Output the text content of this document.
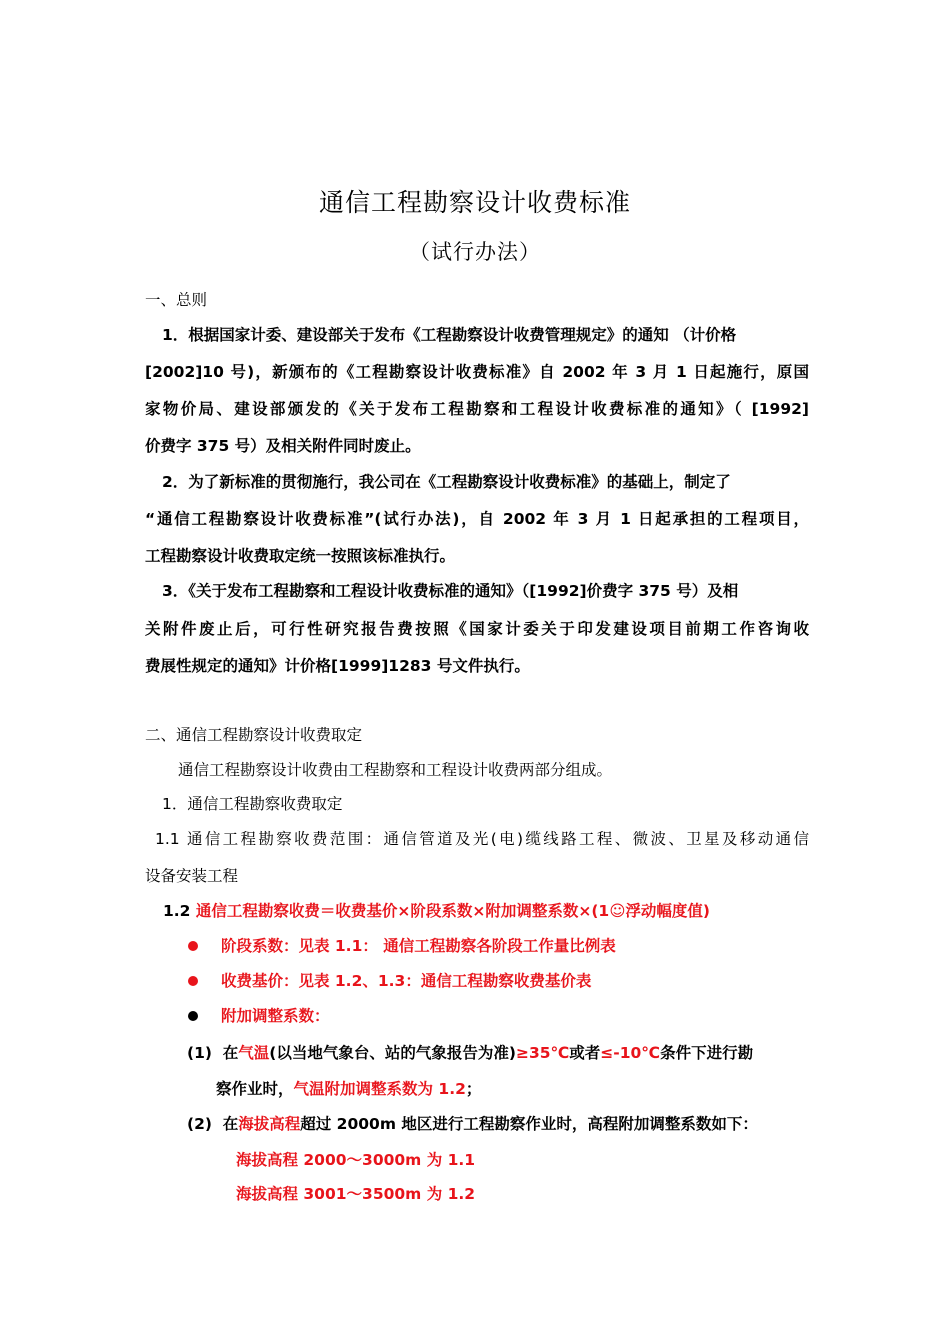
通信工程勘察设计收费标准
（试行办法）
一、总则
1．根据国家计委、建设部关于发布《工程勘察设计收费管理规定》的通知 （计价格
[2002]10 号)，新颁布的《工程勘察设计收费标准》自 2002 年 3 月 1 日起施行，原国
家物价局、建设部颁发的《关于发布工程勘察和工程设计收费标准的通知》（ [1992]
价费字 375 号）及相关附件同时废止。
2．为了新标准的贯彻施行，我公司在《工程勘察设计收费标准》的基础上，制定了
“通信工程勘察设计收费标准”(试行办法)，自 2002 年 3 月 1 日起承担的工程项目，
工程勘察设计收费取定统一按照该标准执行。
3．《关于发布工程勘察和工程设计收费标准的通知》（[1992]价费字 375 号）及相
关附件废止后，可行性研究报告费按照《国家计委关于印发建设项目前期工作咨询收
费展性规定的通知》计价格[1999]1283 号文件执行。
二、通信工程勘察设计收费取定
通信工程勘察设计收费由工程勘察和工程设计收费两部分组成。
1．通信工程勘察收费取定
1.1 通信工程勘察收费范围：通信管道及光(电)缆线路工程、微波、卫星及移动通信
设备安装工程
1.2 通信工程勘察收费＝收费基价×阶段系数×附加调整系数×(1☺浮动幅度值)
阶段系数：见表 1.1： 通信工程勘察各阶段工作量比例表
收费基价：见表 1.2、1.3：通信工程勘察收费基价表
附加调整系数：
(1) 在气温(以当地气象台、站的气象报告为准)≥35℃或者≤-10℃条件下进行勘
察作业时，气温附加调整系数为 1.2；
(2) 在海拔高程超过 2000m 地区进行工程勘察作业时，高程附加调整系数如下：
海拔高程 2000～3000m 为 1.1
海拔高程 3001～3500m 为 1.2
